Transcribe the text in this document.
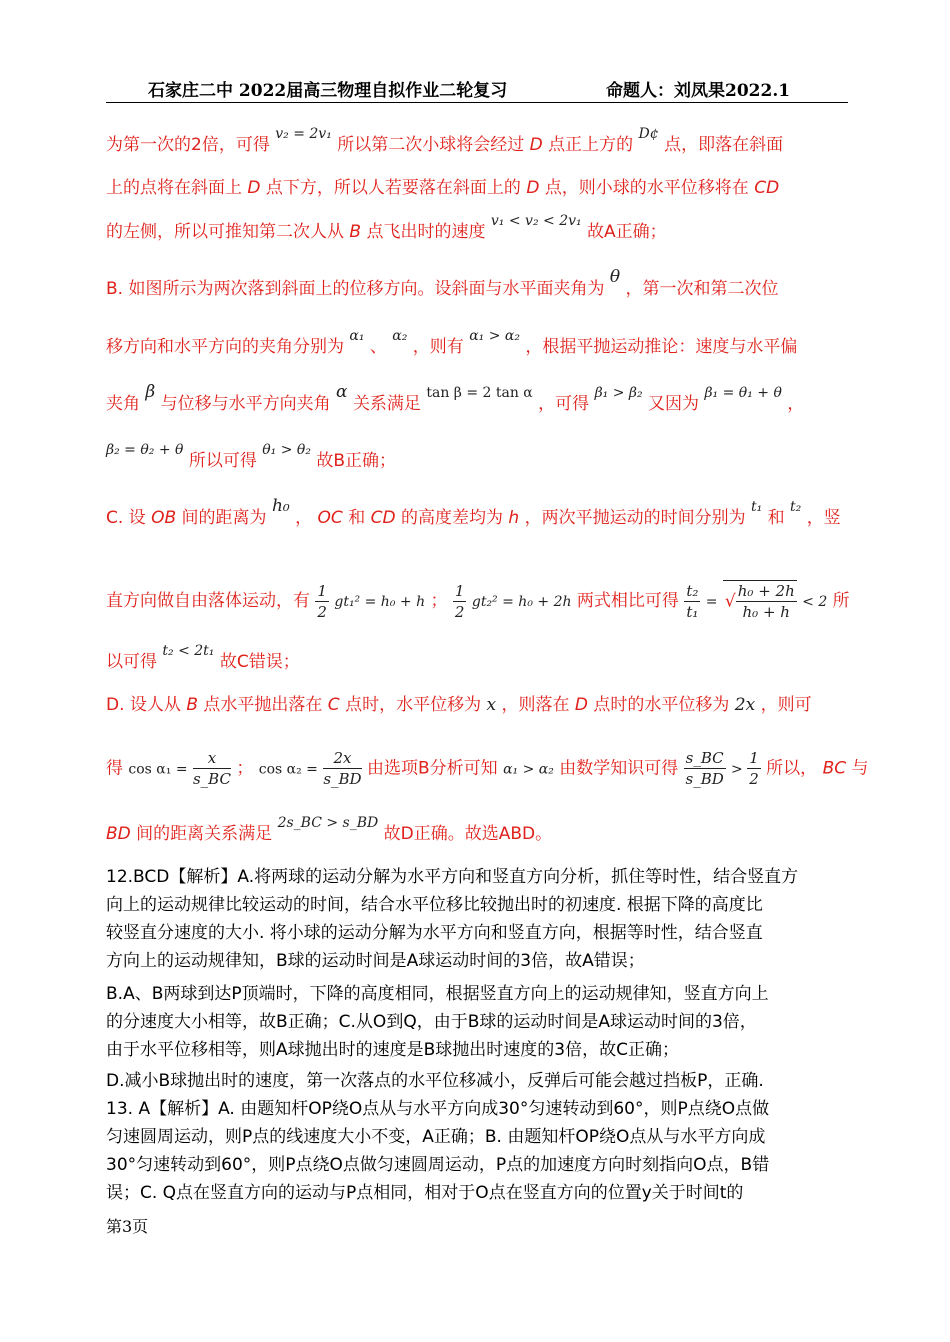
石家庄二中 2022届高三物理自拟作业二轮复习	命题人：刘凤果2022.1
为第一次的2倍，可得 $^{v_2 = 2v_1}$ 所以第二次小球将会经过 D 点正上方的 $^{D¢}$ 点，即落在斜面
上的点将在斜面上 D 点下方，所以人若要落在斜面上的 D 点，则小球的水平位移将在 CD
的左侧，所以可推知第二次人从 B 点飞出时的速度 $^{v_1 < v_2 < 2v_1}$ 故A正确；
B. 如图所示为两次落到斜面上的位移方向。设斜面与水平面夹角为 θ ，第一次和第二次位
移方向和水平方向的夹角分别为 $^{\alpha_1}$ 、 $^{\alpha_2}$ ，则有 $^{\alpha_1 > \alpha_2}$ ，根据平抛运动推论：速度与水平偏
夹角 β 与位移与水平方向夹角 α 关系满足 $^{tan \beta = 2 tan \alpha}$ ，可得 $^{\beta_1 > \beta_2}$ 又因为 $^{\beta_1 = \theta_1 + \theta}$ ，
$^{\beta_2 = \theta_2 + \theta}$ 所以可得 $^{\theta_1 > \theta_2}$ 故B正确；
C. 设 OB 间的距离为 h₀ ， OC 和 CD 的高度差均为 h ，两次平抛运动的时间分别为 $^{t_1}$ 和 $^{t_2}$ ，竖
直方向做自由落体运动，有 $\frac{1}{2} gt_1^2 = h_0 + h$ ； $\frac{1}{2} gt_2^2 = h_0 + 2h$ 两式相比可得 $\frac{\text{t₂}}{\text{t₁}}$ = √ $\frac{\text{h₀ + 2h}}{\text{h₀ + h}} < 2$ 所
以可得 $^{t_2 < 2t_1}$ 故C错误；
D. 设人从 B 点水平抛出落在 C 点时，水平位移为 x ，则落在 D 点时的水平位移为 2x ，则可
得 $\cos \alpha_1 = \frac{x}{s\_BC}$ ； $\cos \alpha_2 = \frac{2x}{s\_BD}$ 由选项B分析可知 α₁ > α₂ 由数学知识可得 $\frac{s\_BC}{s\_BD} > \frac{1}{2}$ 所以， BC 与
BD 间的距离关系满足 $^{2s\_BC > s\_BD}$ 故D正确。故选ABD。
12.BCD【解析】A.将两球的运动分解为水平方向和竖直方向分析，抓住等时性，结合竖直方
向上的运动规律比较运动的时间，结合水平位移比较抛出时的初速度. 根据下降的高度比
较竖直分速度的大小. 将小球的运动分解为水平方向和竖直方向，根据等时性，结合竖直
方向上的运动规律知，B球的运动时间是A球运动时间的3倍，故A错误；
B.A、B两球到达P顶端时，下降的高度相同，根据竖直方向上的运动规律知，竖直方向上
的分速度大小相等，故B正确；C.从O到Q，由于B球的运动时间是A球运动时间的3倍，
由于水平位移相等，则A球抛出时的速度是B球抛出时速度的3倍，故C正确；
D.减小B球抛出时的速度，第一次落点的水平位移减小，反弹后可能会越过挡板P，正确.
13. A【解析】A. 由题知杆OP绕O点从与水平方向成30°匀速转动到60°，则P点绕O点做
匀速圆周运动，则P点的线速度大小不变，A正确；B. 由题知杆OP绕O点从与水平方向成
30°匀速转动到60°，则P点绕O点做匀速圆周运动，P点的加速度方向时刻指向O点，B错
误；C. Q点在竖直方向的运动与P点相同，相对于O点在竖直方向的位置y关于时间t的
第3页
